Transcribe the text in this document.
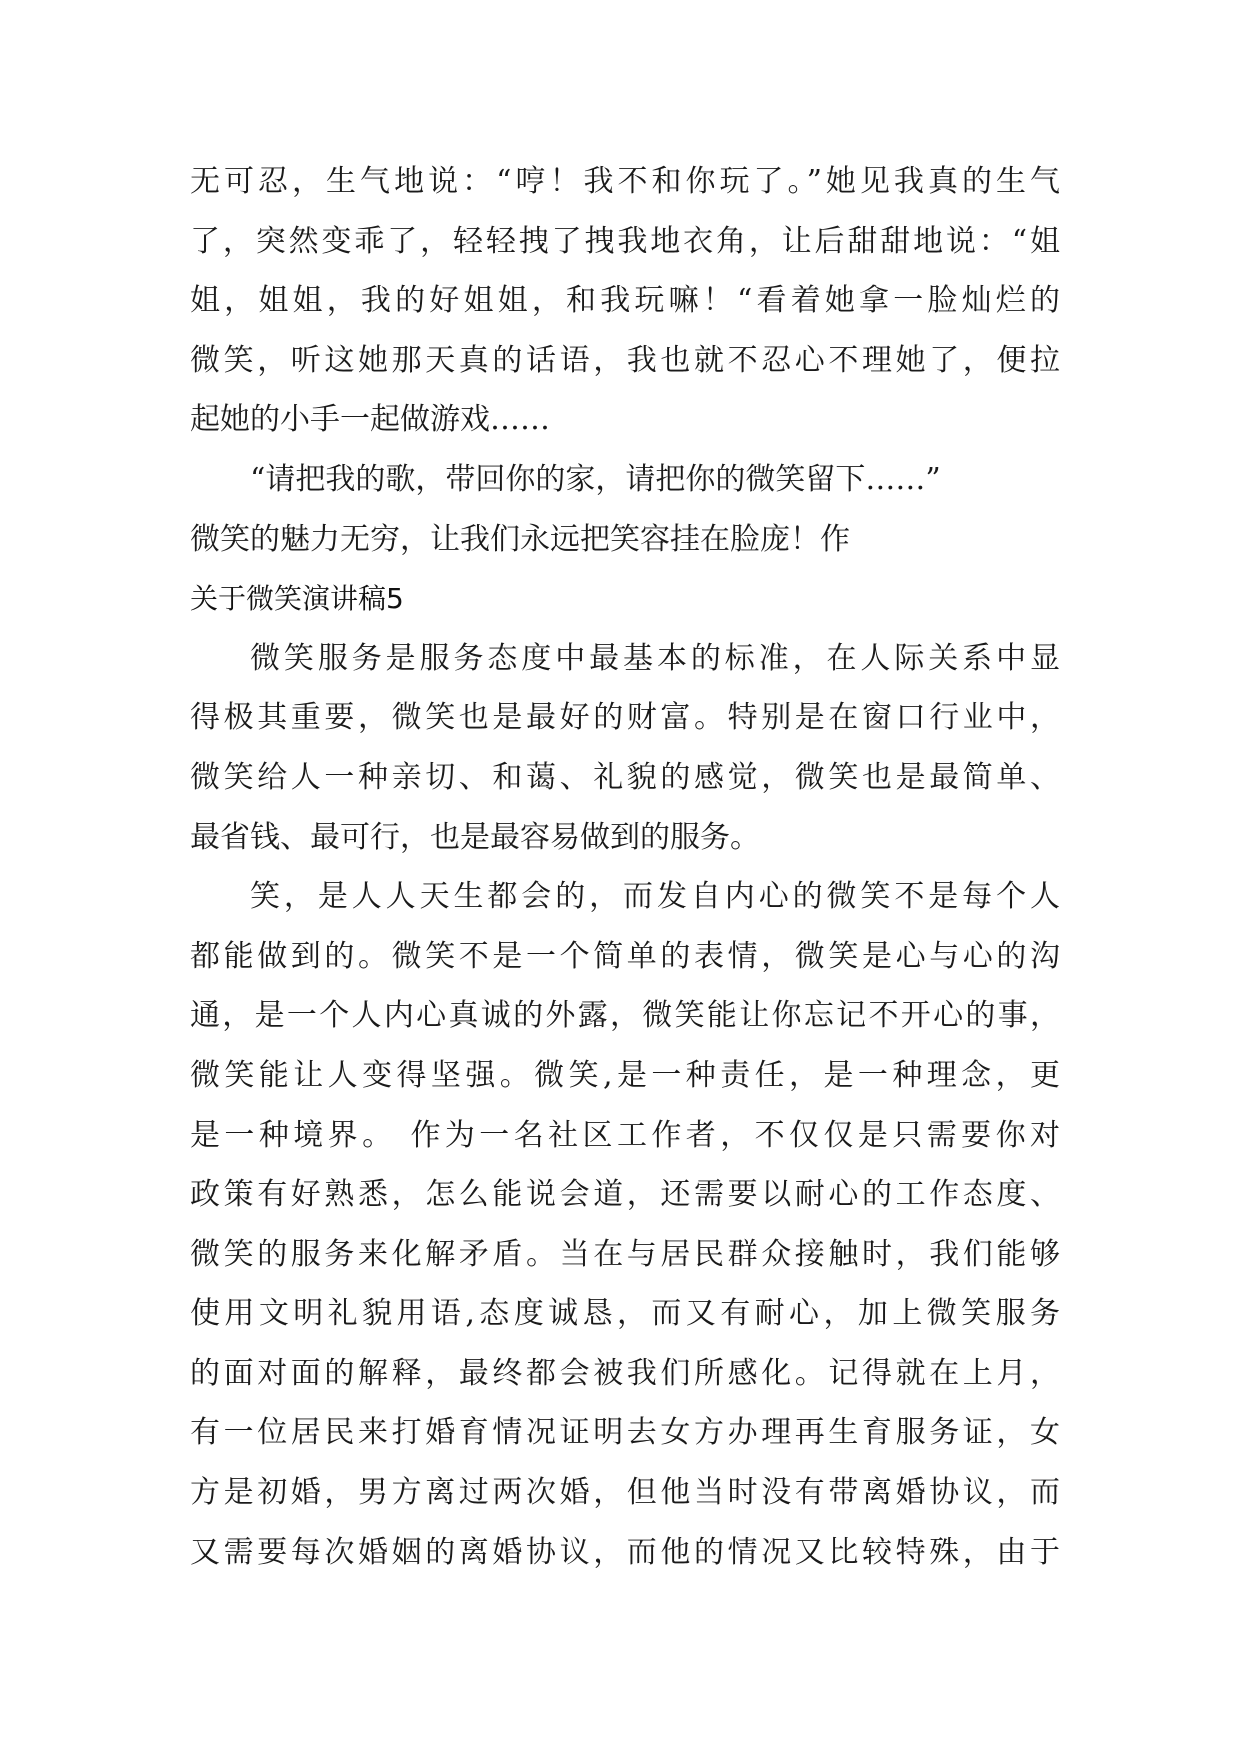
无可忍，生气地说：“哼！我不和你玩了。”她见我真的生气
了，突然变乖了，轻轻拽了拽我地衣角，让后甜甜地说：“姐
姐，姐姐，我的好姐姐，和我玩嘛！“看着她拿一脸灿烂的
微笑，听这她那天真的话语，我也就不忍心不理她了，便拉
起她的小手一起做游戏……
“请把我的歌，带回你的家，请把你的微笑留下……”
微笑的魅力无穷，让我们永远把笑容挂在脸庞！作
关于微笑演讲稿5
微笑服务是服务态度中最基本的标准，在人际关系中显
得极其重要，微笑也是最好的财富。特别是在窗口行业中，
微笑给人一种亲切、和蔼、礼貌的感觉，微笑也是最简单、
最省钱、最可行，也是最容易做到的服务。
笑，是人人天生都会的，而发自内心的微笑不是每个人
都能做到的。微笑不是一个简单的表情，微笑是心与心的沟
通，是一个人内心真诚的外露，微笑能让你忘记不开心的事，
微笑能让人变得坚强。微笑,是一种责任，是一种理念，更
是一种境界。 作为一名社区工作者，不仅仅是只需要你对
政策有好熟悉，怎么能说会道，还需要以耐心的工作态度、
微笑的服务来化解矛盾。当在与居民群众接触时，我们能够
使用文明礼貌用语,态度诚恳，而又有耐心，加上微笑服务
的面对面的解释，最终都会被我们所感化。记得就在上月，
有一位居民来打婚育情况证明去女方办理再生育服务证，女
方是初婚，男方离过两次婚，但他当时没有带离婚协议，而
又需要每次婚姻的离婚协议，而他的情况又比较特殊，由于
